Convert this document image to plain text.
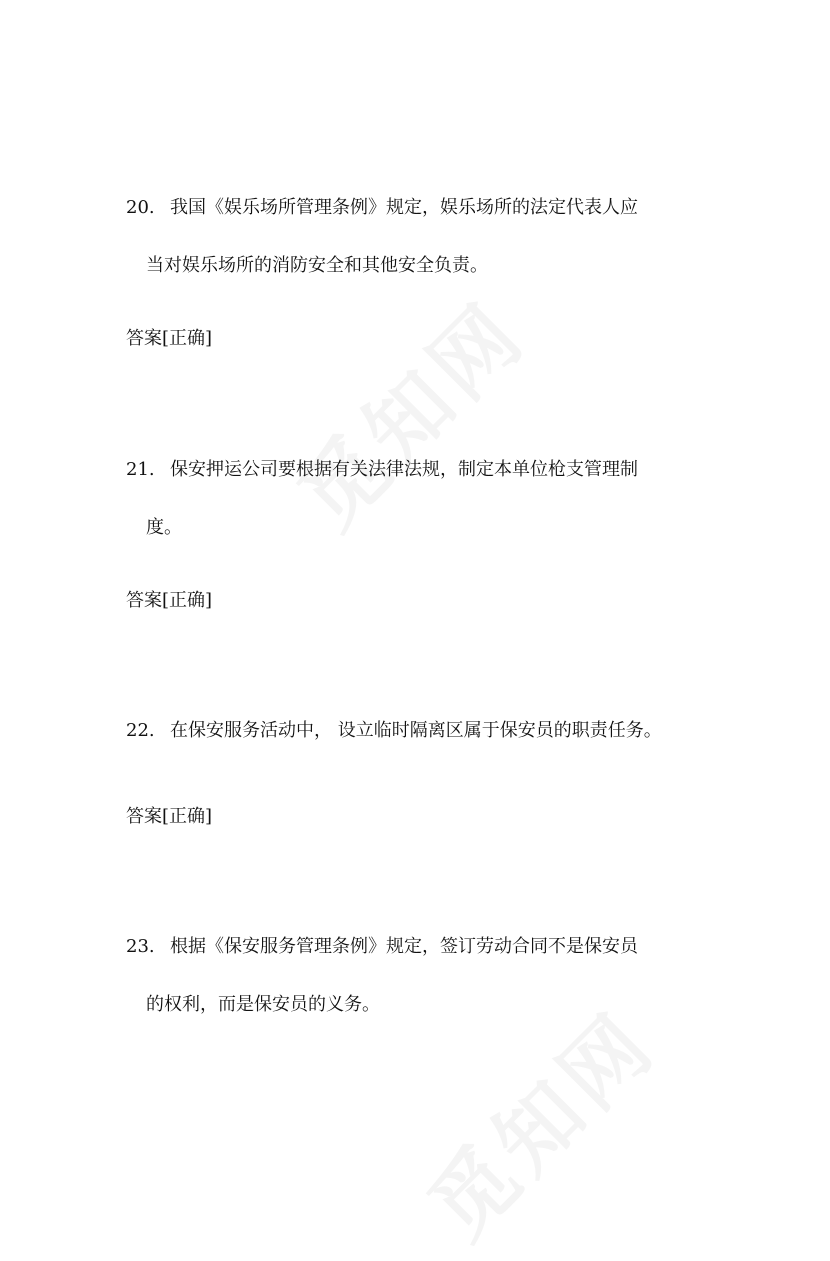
20. 我国《娱乐场所管理条例》规定，娱乐场所的法定代表人应
当对娱乐场所的消防安全和其他安全负责。
答案[正确]
21. 保安押运公司要根据有关法律法规，制定本单位枪支管理制
度。
答案[正确]
22. 在保安服务活动中， 设立临时隔离区属于保安员的职责任务。
答案[正确]
23. 根据《保安服务管理条例》规定，签订劳动合同不是保安员
的权利，而是保安员的义务。
